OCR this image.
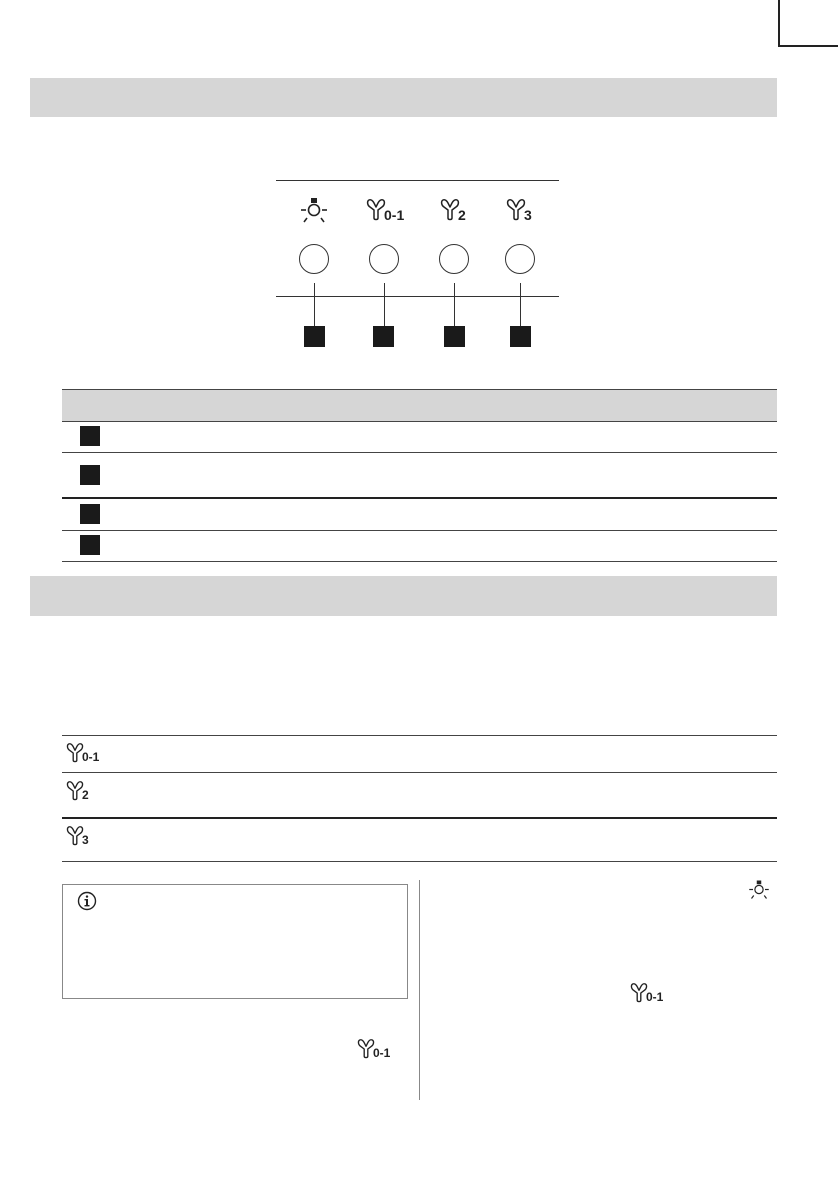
0-1	2	3
0-1
2
3
0-1
0-1
